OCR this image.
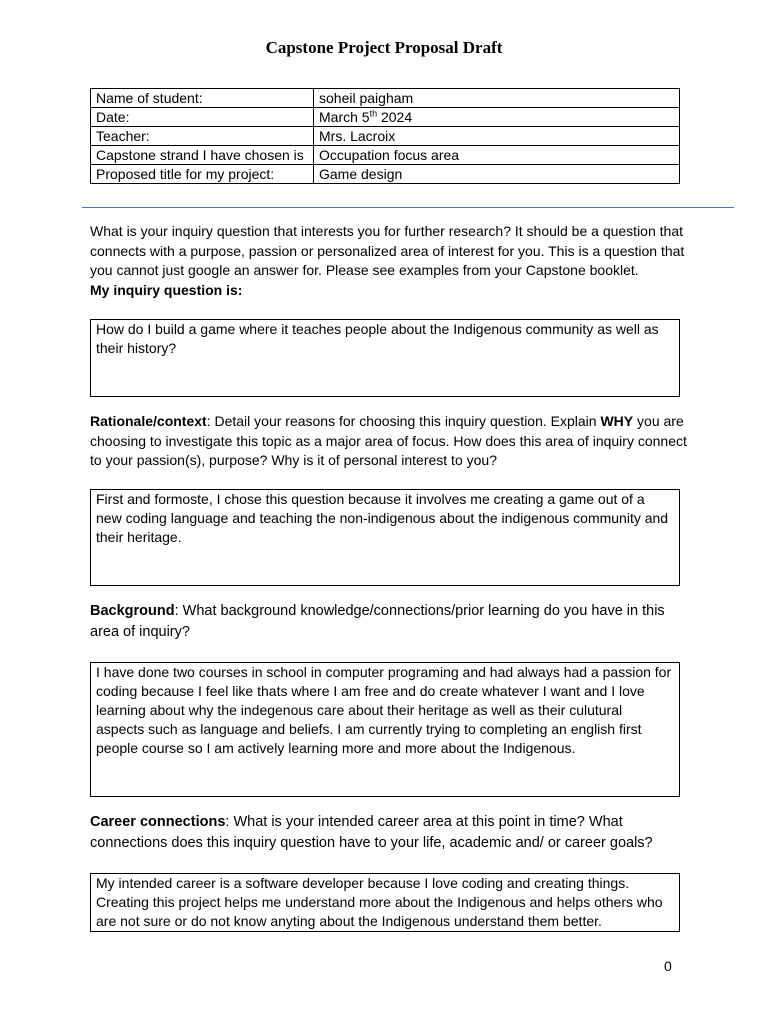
Capstone Project Proposal Draft
Name of student:	soheil paigham
Date:	March 5th 2024
Teacher:	Mrs. Lacroix
Capstone strand I have chosen is	Occupation focus area
Proposed title for my project:	Game design
What is your inquiry question that interests you for further research? It should be a question that connects with a purpose, passion or personalized area of interest for you. This is a question that you cannot just google an answer for. Please see examples from your Capstone booklet.
My inquiry question is:
How do I build a game where it teaches people about the Indigenous community as well as their history?
Rationale/context: Detail your reasons for choosing this inquiry question. Explain WHY you are choosing to investigate this topic as a major area of focus. How does this area of inquiry connect to your passion(s), purpose? Why is it of personal interest to you?
First and formoste, I chose this question because it involves me creating a game out of a new coding language and teaching the non-indigenous about the indigenous community and their heritage.
Background: What background knowledge/connections/prior learning do you have in this area of inquiry?
I have done two courses in school in computer programing and had always had a passion for coding because I feel like thats where I am free and do create whatever I want and I love learning about why the indegenous care about their heritage as well as their culutural aspects such as language and beliefs. I am currently trying to completing an english first people course so I am actively learning more and more about the Indigenous.
Career connections: What is your intended career area at this point in time? What connections does this inquiry question have to your life, academic and/ or career goals?
My intended career is a software developer because I love coding and creating things. Creating this project helps me understand more about the Indigenous and helps others who are not sure or do not know anyting about the Indigenous understand them better.
0
